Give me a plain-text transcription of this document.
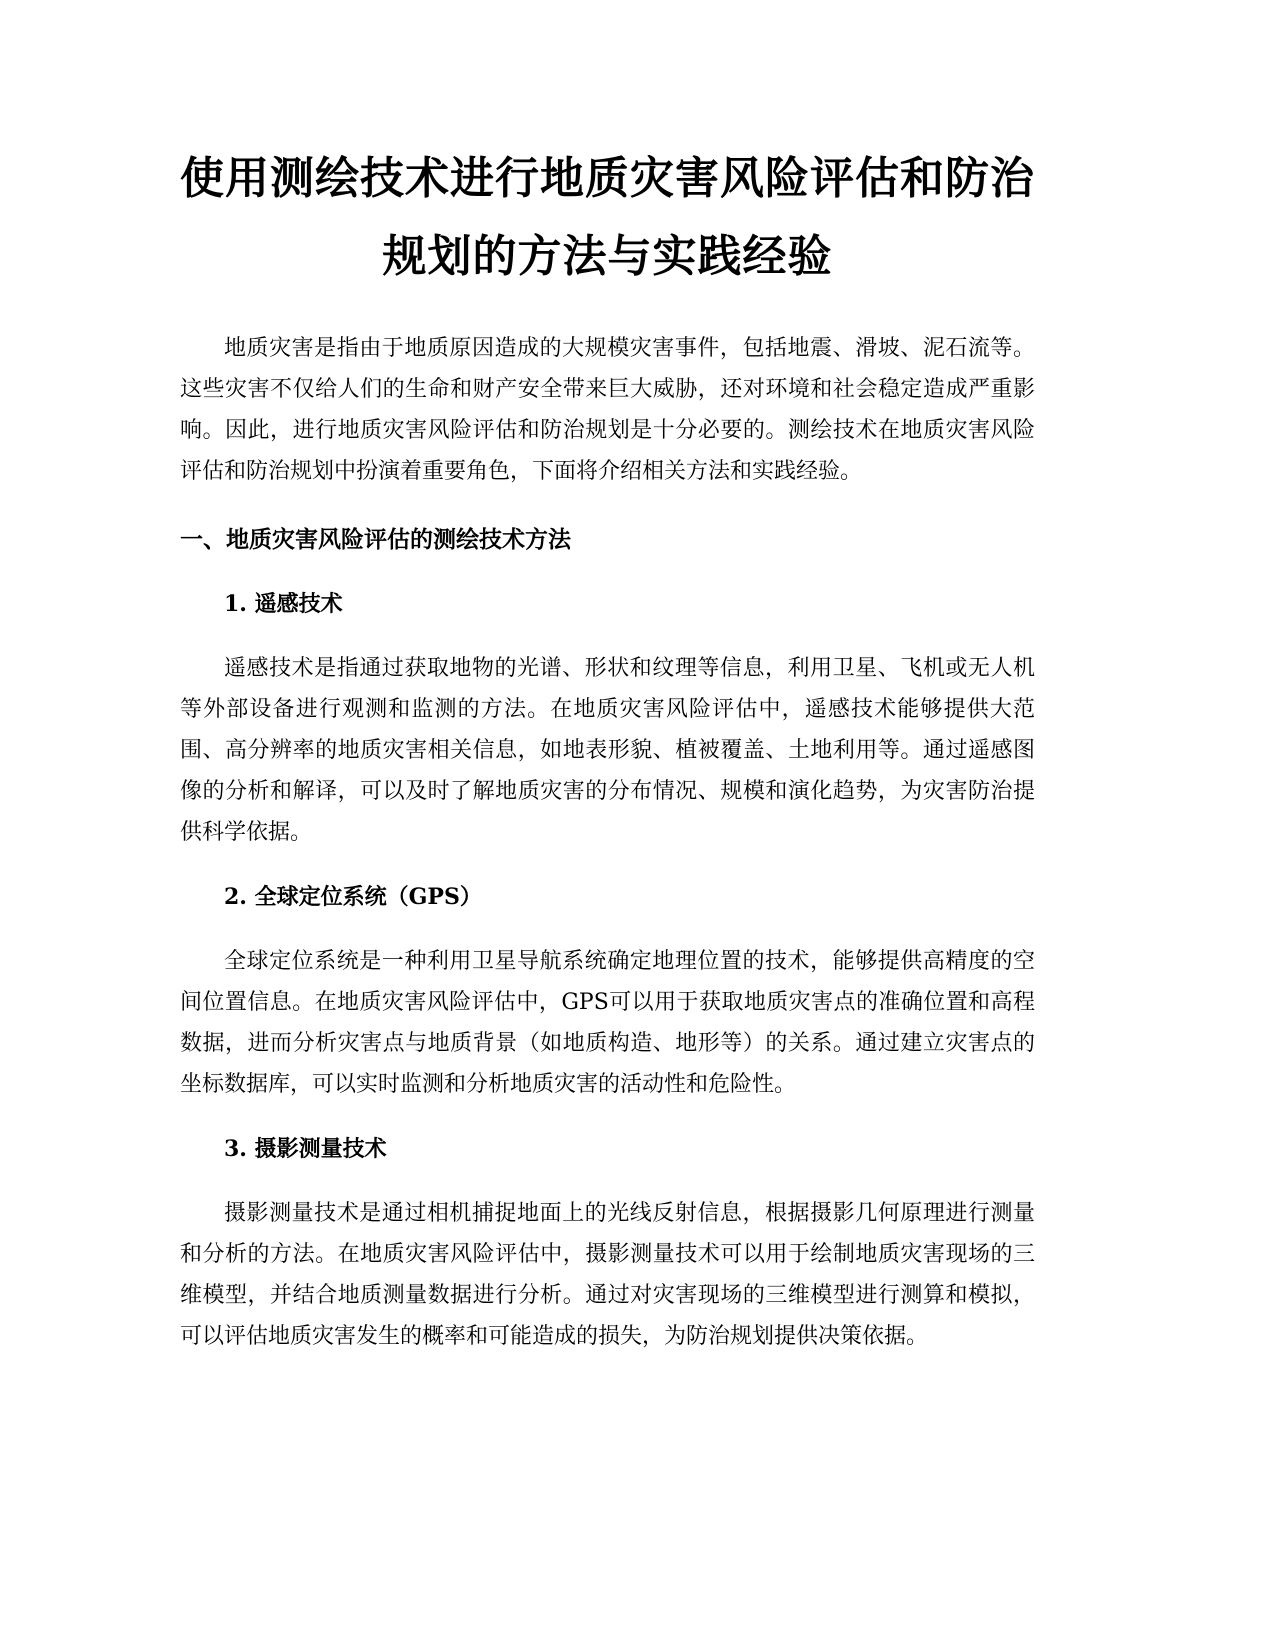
使用测绘技术进行地质灾害风险评估和防治
规划的方法与实践经验

地质灾害是指由于地质原因造成的大规模灾害事件，包括地震、滑坡、泥石流等。这些灾害不仅给人们的生命和财产安全带来巨大威胁，还对环境和社会稳定造成严重影响。因此，进行地质灾害风险评估和防治规划是十分必要的。测绘技术在地质灾害风险评估和防治规划中扮演着重要角色，下面将介绍相关方法和实践经验。

一、地质灾害风险评估的测绘技术方法
1. 遥感技术

遥感技术是指通过获取地物的光谱、形状和纹理等信息，利用卫星、飞机或无人机等外部设备进行观测和监测的方法。在地质灾害风险评估中，遥感技术能够提供大范围、高分辨率的地质灾害相关信息，如地表形貌、植被覆盖、土地利用等。通过遥感图像的分析和解译，可以及时了解地质灾害的分布情况、规模和演化趋势，为灾害防治提供科学依据。

2. 全球定位系统（GPS）

全球定位系统是一种利用卫星导航系统确定地理位置的技术，能够提供高精度的空间位置信息。在地质灾害风险评估中，GPS可以用于获取地质灾害点的准确位置和高程数据，进而分析灾害点与地质背景（如地质构造、地形等）的关系。通过建立灾害点的坐标数据库，可以实时监测和分析地质灾害的活动性和危险性。

3. 摄影测量技术

摄影测量技术是通过相机捕捉地面上的光线反射信息，根据摄影几何原理进行测量和分析的方法。在地质灾害风险评估中，摄影测量技术可以用于绘制地质灾害现场的三维模型，并结合地质测量数据进行分析。通过对灾害现场的三维模型进行测算和模拟，可以评估地质灾害发生的概率和可能造成的损失，为防治规划提供决策依据。
